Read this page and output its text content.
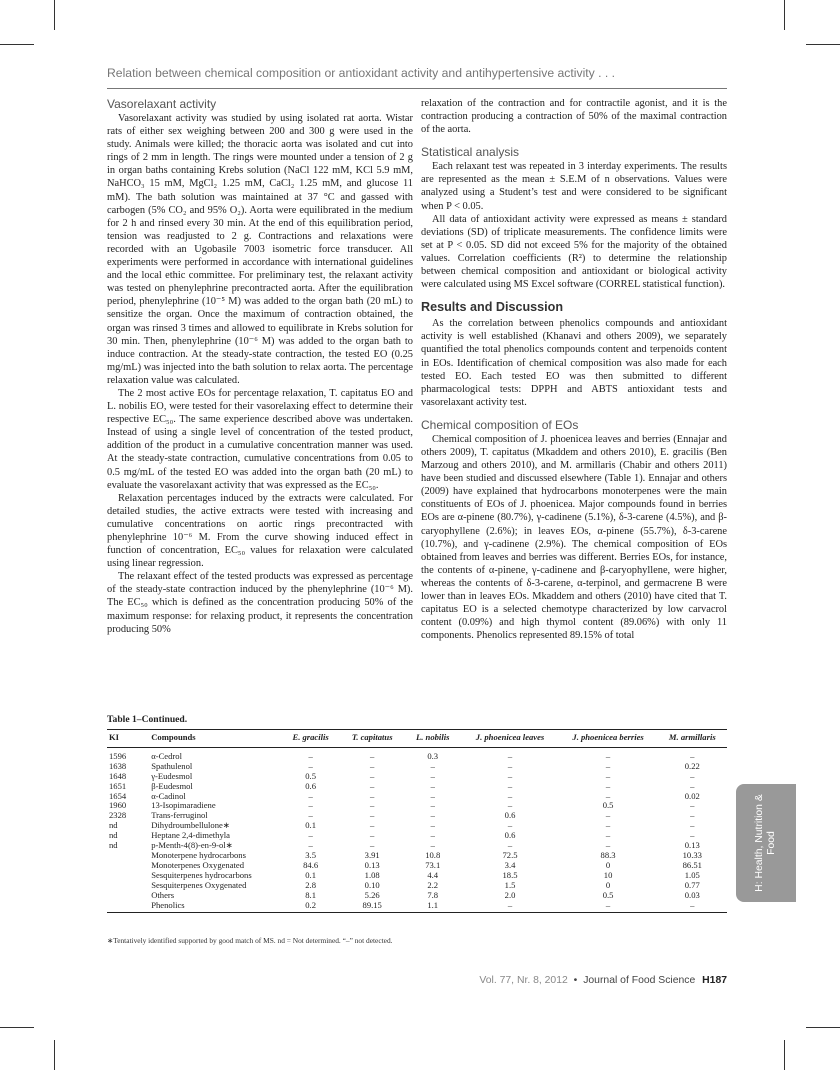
Relation between chemical composition or antioxidant activity and antihypertensive activity . . .
Vasorelaxant activity

Vasorelaxant activity was studied by using isolated rat aorta. Wistar rats of either sex weighing between 200 and 300 g were used in the study. Animals were killed; the thoracic aorta was isolated and cut into rings of 2 mm in length. The rings were mounted under a tension of 2 g in organ baths containing Krebs solution (NaCl 122 mM, KCl 5.9 mM, NaHCO₃ 15 mM, MgCl₂ 1.25 mM, CaCl₂ 1.25 mM, and glucose 11 mM). The bath solution was maintained at 37 °C and gassed with carbogen (5% CO₂ and 95% O₂). Aorta were equilibrated in the medium for 2 h and rinsed every 30 min. At the end of this equilibration period, tension was readjusted to 2 g. Contractions and relaxations were recorded with an Ugobasile 7003 isometric force transducer. All experiments were performed in accordance with international guidelines and the local ethic committee. For preliminary test, the relaxant activity was tested on phenylephrine precontracted aorta. After the equilibration period, phenylephrine (10⁻⁵ M) was added to the organ bath (20 mL) to sensitize the organ. Once the maximum of contraction obtained, the organ was rinsed 3 times and allowed to equilibrate in Krebs solution for 30 min. Then, phenylephrine (10⁻⁶ M) was added to the organ bath to induce contraction. At the steady-state contraction, the tested EO (0.25 mg/mL) was injected into the bath solution to relax aorta. The percentage relaxation value was calculated.

The 2 most active EOs for percentage relaxation, T. capitatus EO and L. nobilis EO, were tested for their vasorelaxing effect to determine their respective EC₅₀. The same experience described above was undertaken. Instead of using a single level of concentration of the tested product, addition of the product in a cumulative concentration manner was used. At the steady-state contraction, cumulative concentrations from 0.05 to 0.5 mg/mL of the tested EO was added into the organ bath (20 mL) to evaluate the vasorelaxant activity that was expressed as the EC₅₀.

Relaxation percentages induced by the extracts were calculated. For detailed studies, the active extracts were tested with increasing and cumulative concentrations on aortic rings precontracted with phenylephrine 10⁻⁶ M. From the curve showing induced effect in function of concentration, EC₅₀ values for relaxation were calculated using linear regression.

The relaxant effect of the tested products was expressed as percentage of the steady-state contraction induced by the phenylephrine (10⁻⁶ M). The EC₅₀ which is defined as the concentration producing 50% of the maximum response: for relaxing product, it represents the concentration producing 50%

relaxation of the contraction and for contractile agonist, and it is the contraction producing a contraction of 50% of the maximal contraction of the aorta.

Statistical analysis

Each relaxant test was repeated in 3 interday experiments. The results are represented as the mean ± S.E.M of n observations. Values were analyzed using a Student’s test and were considered to be significant when P < 0.05.

All data of antioxidant activity were expressed as means ± standard deviations (SD) of triplicate measurements. The confidence limits were set at P < 0.05. SD did not exceed 5% for the majority of the obtained values. Correlation coefficients (R²) to determine the relationship between chemical composition and antioxidant or biological activity were calculated using MS Excel software (CORREL statistical function).

Results and Discussion

As the correlation between phenolics compounds and antioxidant activity is well established (Khanavi and others 2009), we separately quantified the total phenolics compounds content and terpenoids content in EOs. Identification of chemical composition was also made for each tested EO. Each tested EO was then submitted to different pharmacological tests: DPPH and ABTS antioxidant tests and vasorelaxant activity test.

Chemical composition of EOs

Chemical composition of J. phoenicea leaves and berries (Ennajar and others 2009), T. capitatus (Mkaddem and others 2010), E. gracilis (Ben Marzoug and others 2010), and M. armillaris (Chabir and others 2011) have been studied and discussed elsewhere (Table 1). Ennajar and others (2009) have explained that hydrocarbons monoterpenes were the main constituents of EOs of J. phoenicea. Major compounds found in berries EOs are α-pinene (80.7%), γ-cadinene (5.1%), δ-3-carene (4.5%), and β-caryophyllene (2.6%); in leaves EOs, α-pinene (55.7%), δ-3-carene (10.7%), and γ-cadinene (2.9%). The chemical composition of EOs obtained from leaves and berries was different. Berries EOs, for instance, the contents of α-pinene, γ-cadinene and β-caryophyllene, were higher, whereas the contents of δ-3-carene, α-terpinol, and germacrene B were lower than in leaves EOs. Mkaddem and others (2010) have cited that T. capitatus EO is a selected chemotype characterized by low carvacrol content (0.09%) and high thymol content (89.06%) with only 11 components. Phenolics represented 89.15% of total

Table 1–Continued.
KI	Compounds	E. gracilis	T. capitatus	L. nobilis	J. phoenicea leaves	J. phoenicea berries	M. armillaris
1596	α-Cedrol	–	–	0.3	–	–	–
1638	Spathulenol	–	–	–	–	–	0.22
1648	γ-Eudesmol	0.5	–	–	–	–	–
1651	β-Eudesmol	0.6	–	–	–	–	–
1654	α-Cadinol	–	–	–	–	–	0.02
1960	13-Isopimaradiene	–	–	–	–	0.5	–
2328	Trans-ferruginol	–	–	–	0.6	–	–
nd	Dihydroumbellulone∗	0.1	–	–	–	–	–
nd	Heptane 2,4-dimethyla	–	–	–	0.6	–	–
nd	p-Menth-4(8)-en-9-ol∗	–	–	–	–	–	0.13
	Monoterpene hydrocarbons	3.5	3.91	10.8	72.5	88.3	10.33
	Monoterpenes Oxygenated	84.6	0.13	73.1	3.4	0	86.51
	Sesquiterpenes hydrocarbons	0.1	1.08	4.4	18.5	10	1.05
	Sesquiterpenes Oxygenated	2.8	0.10	2.2	1.5	0	0.77
	Others	8.1	5.26	7.8	2.0	0.5	0.03
	Phenolics	0.2	89.15	1.1	–	–	–
∗Tentatively identified supported by good match of MS. nd = Not determined. “–” not detected.
Vol. 77, Nr. 8, 2012 • Journal of Food Science H187
H: Health, Nutrition & Food
